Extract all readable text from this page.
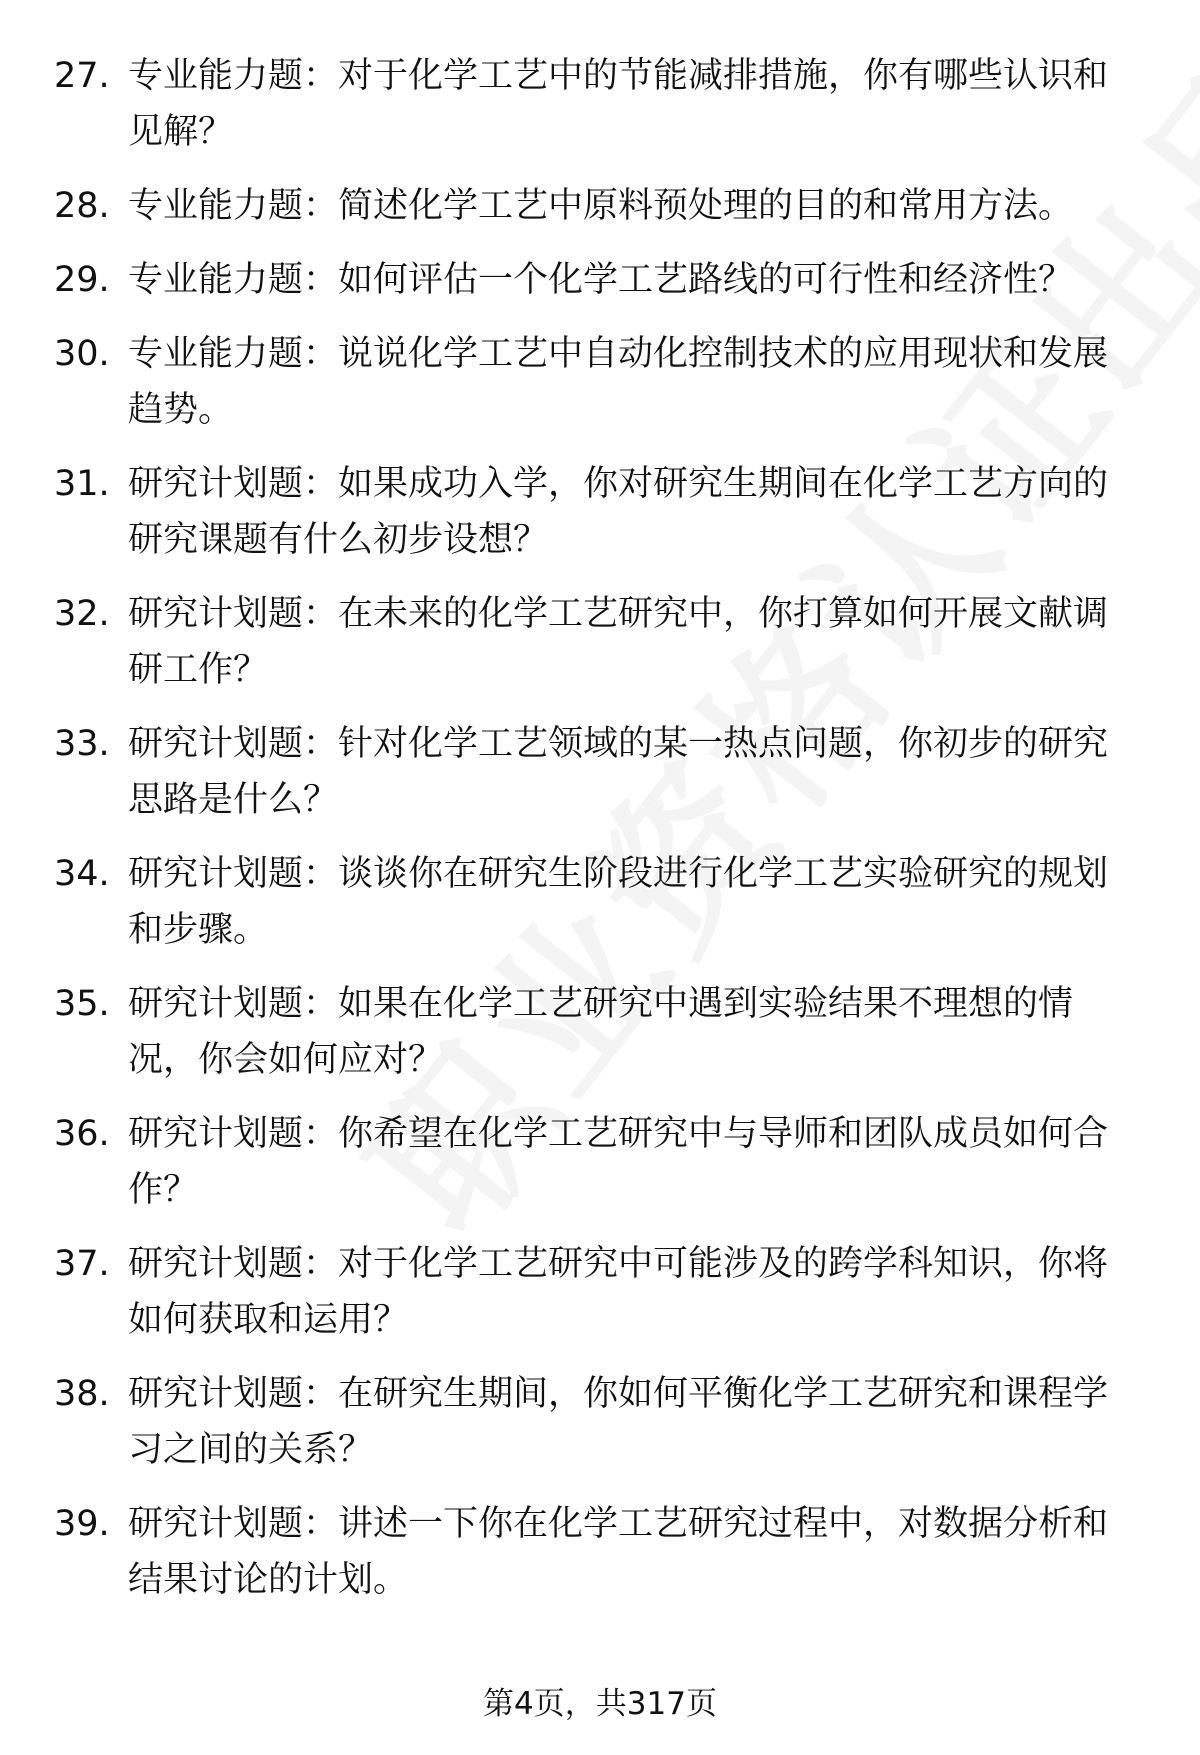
27. 专业能力题：对于化学工艺中的节能减排措施，你有哪些认识和见解？
28. 专业能力题：简述化学工艺中原料预处理的目的和常用方法。
29. 专业能力题：如何评估一个化学工艺路线的可行性和经济性？
30. 专业能力题：说说化学工艺中自动化控制技术的应用现状和发展趋势。
31. 研究计划题：如果成功入学，你对研究生期间在化学工艺方向的研究课题有什么初步设想？
32. 研究计划题：在未来的化学工艺研究中，你打算如何开展文献调研工作？
33. 研究计划题：针对化学工艺领域的某一热点问题，你初步的研究思路是什么？
34. 研究计划题：谈谈你在研究生阶段进行化学工艺实验研究的规划和步骤。
35. 研究计划题：如果在化学工艺研究中遇到实验结果不理想的情况，你会如何应对？
36. 研究计划题：你希望在化学工艺研究中与导师和团队成员如何合作？
37. 研究计划题：对于化学工艺研究中可能涉及的跨学科知识，你将如何获取和运用？
38. 研究计划题：在研究生期间，你如何平衡化学工艺研究和课程学习之间的关系？
39. 研究计划题：讲述一下你在化学工艺研究过程中，对数据分析和结果讨论的计划。
第4页，共317页
